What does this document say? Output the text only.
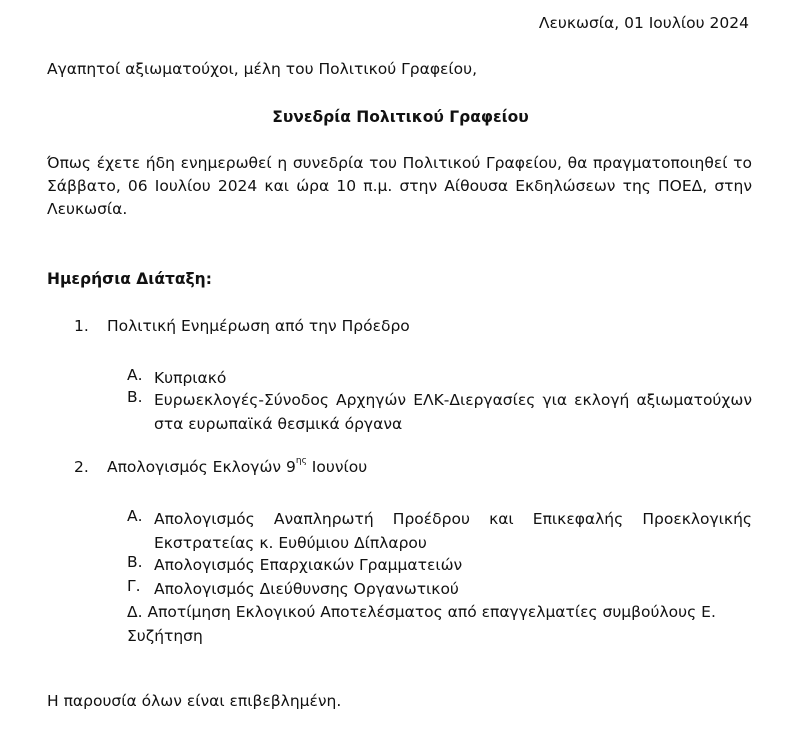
Λευκωσία, 01 Ιουλίου 2024
Αγαπητοί αξιωματούχοι, μέλη του Πολιτικού Γραφείου,
Συνεδρία Πολιτικού Γραφείου
Όπως έχετε ήδη ενημερωθεί η συνεδρία του Πολιτικού Γραφείου, θα πραγματοποιηθεί το Σάββατο, 06 Ιουλίου 2024 και ώρα 10 π.μ. στην Αίθουσα Εκδηλώσεων της ΠΟΕΔ, στην Λευκωσία.
Ημερήσια Διάταξη:
1. Πολιτική Ενημέρωση από την Πρόεδρο
Α. Κυπριακό
Β. Ευρωεκλογές-Σύνοδος Αρχηγών ΕΛΚ-Διεργασίες για εκλογή αξιωματούχων στα ευρωπαϊκά θεσμικά όργανα
2. Απολογισμός Εκλογών $9^{\eta\varsigma}$ Ιουνίου
Α. Απολογισμός Αναπληρωτή Προέδρου και Επικεφαλής Προεκλογικής Εκστρατείας κ. Ευθύμιου Δίπλαρου
Β. Απολογισμός Επαρχιακών Γραμματειών
Γ. Απολογισμός Διεύθυνσης Οργανωτικού
Δ. Αποτίμηση Εκλογικού Αποτελέσματος από επαγγελματίες συμβούλους Ε. Συζήτηση
Η παρουσία όλων είναι επιβεβλημένη.
